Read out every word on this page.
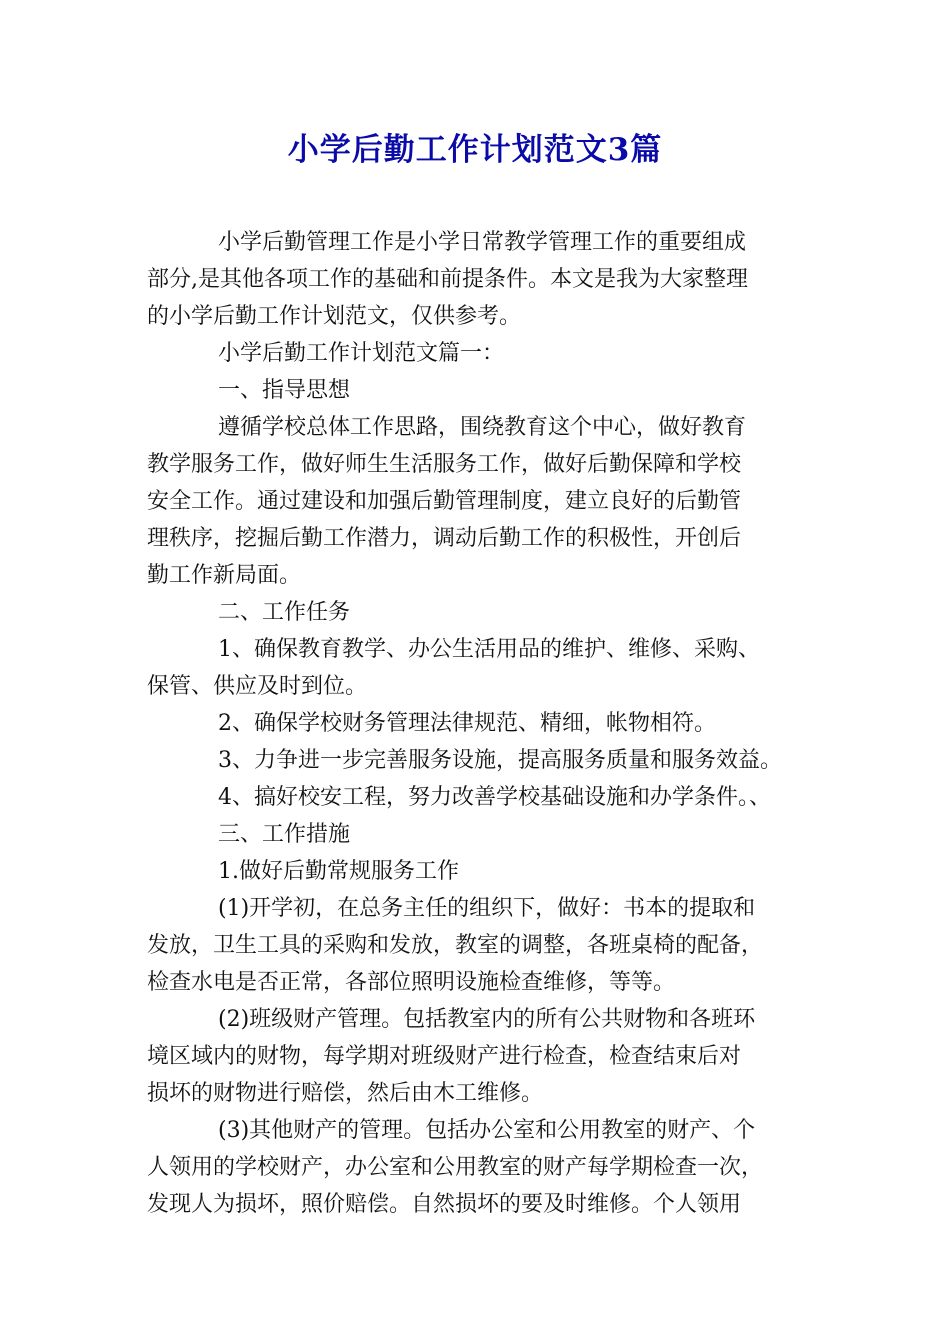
小学后勤工作计划范文3篇
小学后勤管理工作是小学日常教学管理工作的重要组成
部分,是其他各项工作的基础和前提条件。本文是我为大家整理
的小学后勤工作计划范文，仅供参考。
小学后勤工作计划范文篇一：
一、指导思想
遵循学校总体工作思路，围绕教育这个中心，做好教育
教学服务工作，做好师生生活服务工作，做好后勤保障和学校
安全工作。通过建设和加强后勤管理制度，建立良好的后勤管
理秩序，挖掘后勤工作潜力，调动后勤工作的积极性，开创后
勤工作新局面。
二、工作任务
1、确保教育教学、办公生活用品的维护、维修、采购、
保管、供应及时到位。
2、确保学校财务管理法律规范、精细，帐物相符。
3、力争进一步完善服务设施，提高服务质量和服务效益。
4、搞好校安工程，努力改善学校基础设施和办学条件。、
三、工作措施
1.做好后勤常规服务工作
(1)开学初，在总务主任的组织下，做好：书本的提取和
发放，卫生工具的采购和发放，教室的调整，各班桌椅的配备，
检查水电是否正常，各部位照明设施检查维修，等等。
(2)班级财产管理。包括教室内的所有公共财物和各班环
境区域内的财物，每学期对班级财产进行检查，检查结束后对
损坏的财物进行赔偿，然后由木工维修。
(3)其他财产的管理。包括办公室和公用教室的财产、个
人领用的学校财产，办公室和公用教室的财产每学期检查一次，
发现人为损坏，照价赔偿。自然损坏的要及时维修。个人领用
